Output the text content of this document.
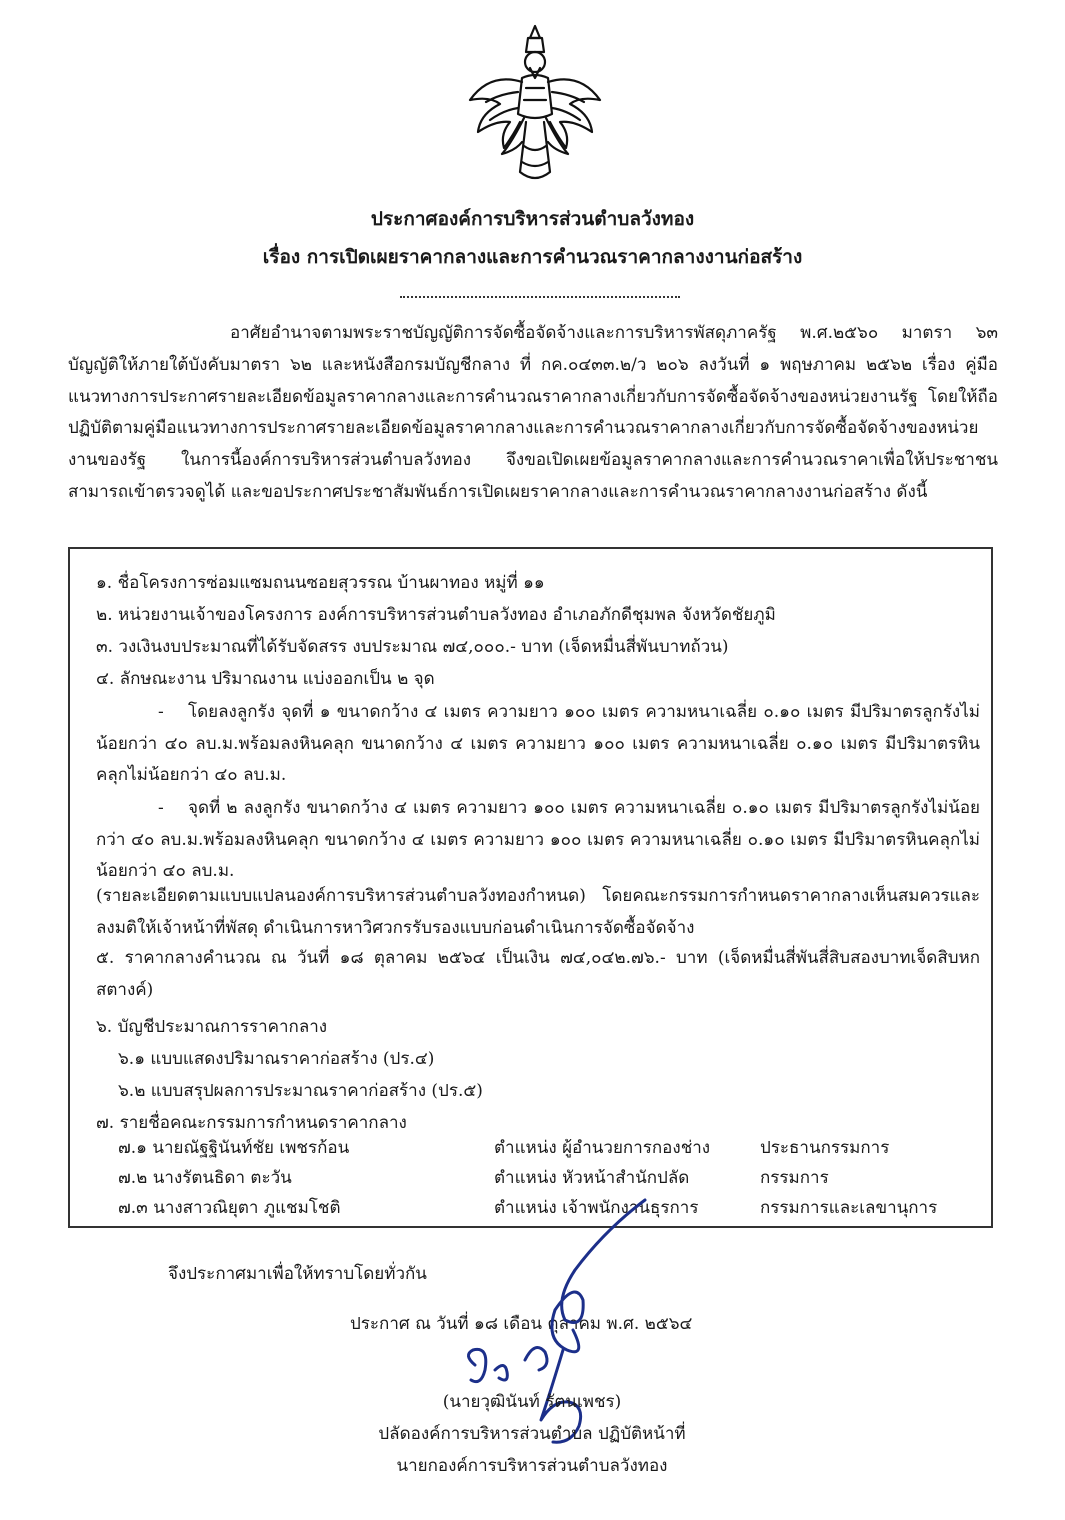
ประกาศองค์การบริหารส่วนตำบลวังทอง
เรื่อง การเปิดเผยราคากลางและการคำนวณราคากลางงานก่อสร้าง

อาศัยอำนาจตามพระราชบัญญัติการจัดซื้อจัดจ้างและการบริหารพัสดุภาครัฐ พ.ศ.๒๕๖๐ มาตรา ๖๓ บัญญัติให้ภายใต้บังคับมาตรา ๖๒ และหนังสือกรมบัญชีกลาง ที่ กค.๐๔๓๓.๒/ว ๒๐๖ ลงวันที่ ๑ พฤษภาคม ๒๕๖๒ เรื่อง คู่มือแนวทางการประกาศรายละเอียดข้อมูลราคากลางและการคำนวณราคากลางเกี่ยวกับการจัดซื้อจัดจ้างของหน่วยงานรัฐ โดยให้ถือปฏิบัติตามคู่มือแนวทางการประกาศรายละเอียดข้อมูลราคากลางและการคำนวณราคากลางเกี่ยวกับการจัดซื้อจัดจ้างของหน่วยงานของรัฐ ในการนี้องค์การบริหารส่วนตำบลวังทอง จึงขอเปิดเผยข้อมูลราคากลางและการคำนวณราคาเพื่อให้ประชาชนสามารถเข้าตรวจดูได้ และขอประกาศประชาสัมพันธ์การเปิดเผยราคากลางและการคำนวณราคากลางงานก่อสร้าง ดังนี้

๑. ชื่อโครงการซ่อมแซมถนนซอยสุวรรณ บ้านผาทอง หมู่ที่ ๑๑
๒. หน่วยงานเจ้าของโครงการ องค์การบริหารส่วนตำบลวังทอง อำเภอภักดีชุมพล จังหวัดชัยภูมิ
๓. วงเงินงบประมาณที่ได้รับจัดสรร งบประมาณ ๗๔,๐๐๐.- บาท (เจ็ดหมื่นสี่พันบาทถ้วน)
๔. ลักษณะงาน ปริมาณงาน แบ่งออกเป็น ๒ จุด

- โดยลงลูกรัง จุดที่ ๑ ขนาดกว้าง ๔ เมตร ความยาว ๑๐๐ เมตร ความหนาเฉลี่ย ๐.๑๐ เมตร มีปริมาตรลูกรังไม่น้อยกว่า ๔๐ ลบ.ม.พร้อมลงหินคลุก ขนาดกว้าง ๔ เมตร ความยาว ๑๐๐ เมตร ความหนาเฉลี่ย ๐.๑๐ เมตร มีปริมาตรหินคลุกไม่น้อยกว่า ๔๐ ลบ.ม.

- จุดที่ ๒ ลงลูกรัง ขนาดกว้าง ๔ เมตร ความยาว ๑๐๐ เมตร ความหนาเฉลี่ย ๐.๑๐ เมตร มีปริมาตรลูกรังไม่น้อยกว่า ๔๐ ลบ.ม.พร้อมลงหินคลุก ขนาดกว้าง ๔ เมตร ความยาว ๑๐๐ เมตร ความหนาเฉลี่ย ๐.๑๐ เมตร มีปริมาตรหินคลุกไม่น้อยกว่า ๔๐ ลบ.ม.

(รายละเอียดตามแบบแปลนองค์การบริหารส่วนตำบลวังทองกำหนด) โดยคณะกรรมการกำหนดราคากลางเห็นสมควรและลงมติให้เจ้าหน้าที่พัสดุ ดำเนินการหาวิศวกรรับรองแบบก่อนดำเนินการจัดซื้อจัดจ้าง

๕. ราคากลางคำนวณ ณ วันที่ ๑๘ ตุลาคม ๒๕๖๔ เป็นเงิน ๗๔,๐๔๒.๗๖.- บาท (เจ็ดหมื่นสี่พันสี่สิบสองบาทเจ็ดสิบหกสตางค์)

๖. บัญชีประมาณการราคากลาง
๖.๑ แบบแสดงปริมาณราคาก่อสร้าง (ปร.๔)
๖.๒ แบบสรุปผลการประมาณราคาก่อสร้าง (ปร.๕)
๗. รายชื่อคณะกรรมการกำหนดราคากลาง
๗.๑ นายณัฐฐินันท์ชัย เพชรก้อน	ตำแหน่ง ผู้อำนวยการกองช่าง	ประธานกรรมการ
๗.๒ นางรัตนธิดา ตะวัน	ตำแหน่ง หัวหน้าสำนักปลัด	กรรมการ
๗.๓ นางสาวณิยุตา ภูแชมโชติ	ตำแหน่ง เจ้าพนักงานธุรการ	กรรมการและเลขานุการ
จึงประกาศมาเพื่อให้ทราบโดยทั่วกัน
ประกาศ ณ วันที่ ๑๘ เดือน ตุลาคม พ.ศ. ๒๕๖๔
(นายวุฒินันท์ รัตนเพชร)
ปลัดองค์การบริหารส่วนตำบล ปฏิบัติหน้าที่
นายกองค์การบริหารส่วนตำบลวังทอง
